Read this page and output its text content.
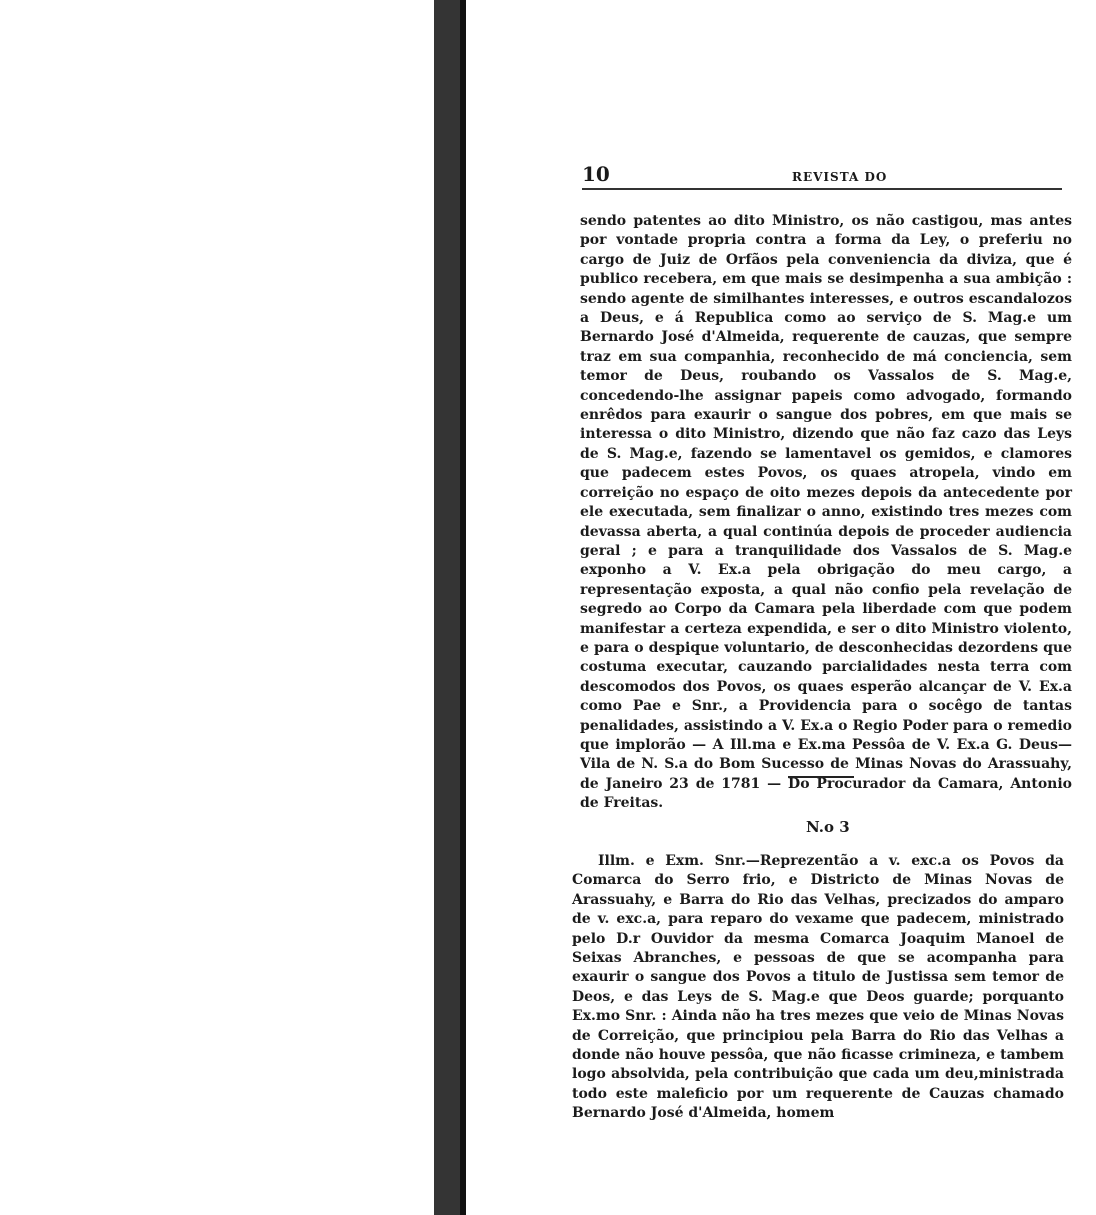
10	REVISTA DO

sendo patentes ao dito Ministro, os não castigou, mas antes por vontade propria contra a forma da Ley, o preferiu no cargo de Juiz de Orfãos pela conveniencia da diviza, que é publico recebera, em que mais se desimpenha a sua ambição : sendo agente de similhantes interesses, e outros escandalozos a Deus, e á Republica como ao serviço de S. Mag.e um Bernardo José d'Almeida, requerente de cauzas, que sempre traz em sua companhia, reconhecido de má conciencia, sem temor de Deus, roubando os Vassalos de S. Mag.e, concedendo-lhe assignar papeis como advogado, formando enrêdos para exaurir o sangue dos pobres, em que mais se interessa o dito Ministro, dizendo que não faz cazo das Leys de S. Mag.e, fazendo se lamentavel os gemidos, e clamores que padecem estes Povos, os quaes atropela, vindo em correição no espaço de oito mezes depois da antecedente por ele executada, sem finalizar o anno, existindo tres mezes com devassa aberta, a qual continúa depois de proceder audiencia geral ; e para a tranquilidade dos Vassalos de S. Mag.e exponho a V. Ex.a pela obrigação do meu cargo, a representação exposta, a qual não confio pela revelação de segredo ao Corpo da Camara pela liberdade com que podem manifestar a certeza expendida, e ser o dito Ministro violento, e para o despique voluntario, de desconhecidas dezordens que costuma executar, cauzando parcialidades nesta terra com descomodos dos Povos, os quaes esperão alcançar de V. Ex.a como Pae e Snr., a Providencia para o socêgo de tantas penalidades, assistindo a V. Ex.a o Regio Poder para o remedio que implorão — A Ill.ma e Ex.ma Pessôa de V. Ex.a G. Deus—Vila de N. S.a do Bom Sucesso de Minas Novas do Arassuahy, de Janeiro 23 de 1781 — Do Procurador da Camara, Antonio de Freitas.

N.o 3

Illm. e Exm. Snr.—Reprezentão a v. exc.a os Povos da Comarca do Serro frio, e Districto de Minas Novas de Arassuahy, e Barra do Rio das Velhas, precizados do amparo de v. exc.a, para reparo do vexame que padecem, ministrado pelo D.r Ouvidor da mesma Comarca Joaquim Manoel de Seixas Abranches, e pessoas de que se acompanha para exaurir o sangue dos Povos a titulo de Justissa sem temor de Deos, e das Leys de S. Mag.e que Deos guarde; porquanto Ex.mo Snr. : Ainda não ha tres mezes que veio de Minas Novas de Correição, que principiou pela Barra do Rio das Velhas a donde não houve pessôa, que não ficasse crimineza, e tambem logo absolvida, pela contribuição que cada um deu,ministrada todo este maleficio por um requerente de Cauzas chamado Bernardo José d'Almeida, homem
